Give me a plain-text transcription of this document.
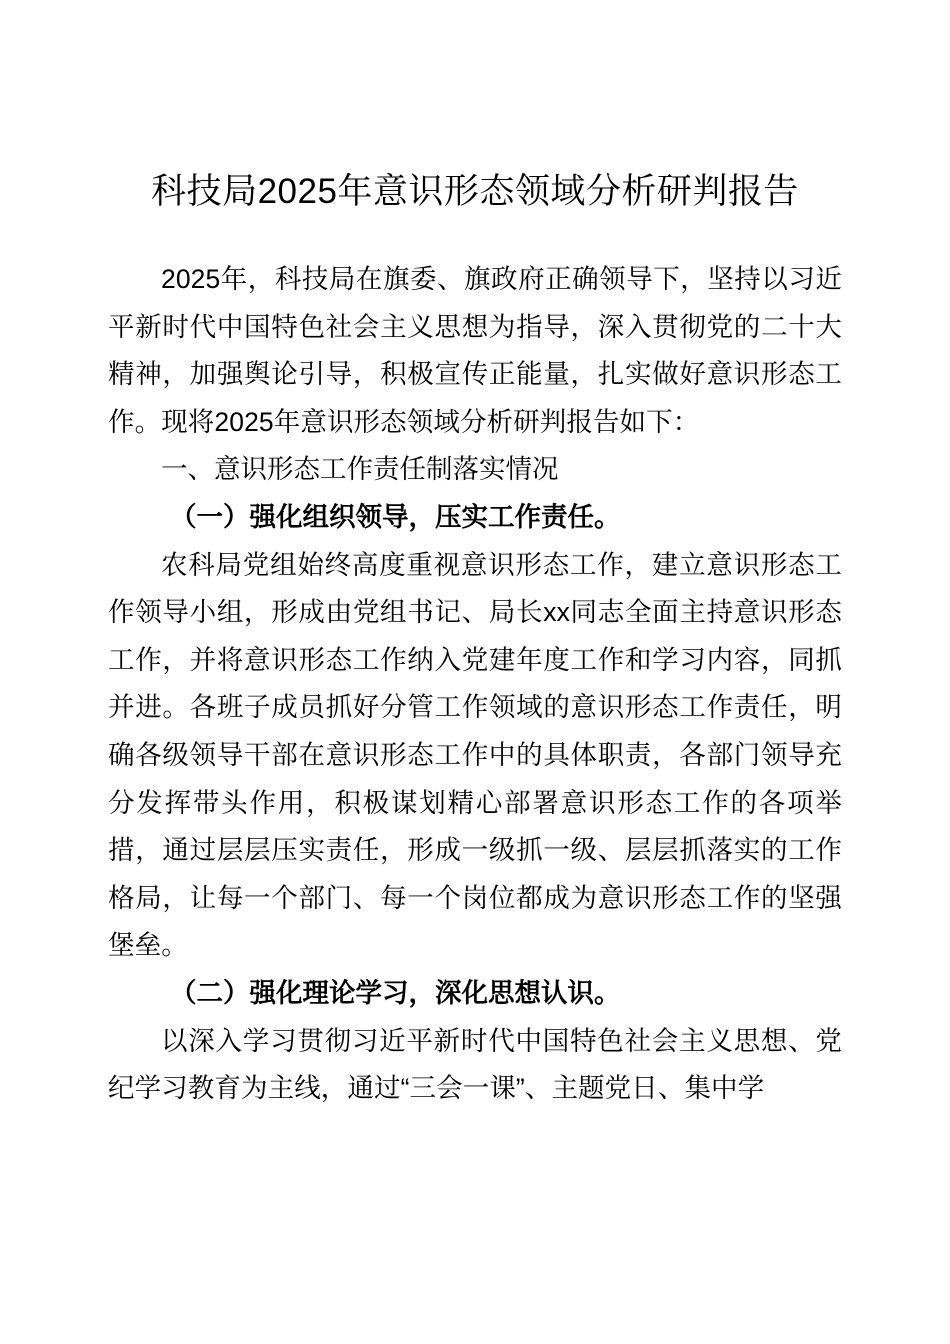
科技局2025年意识形态领域分析研判报告

2025年，科技局在旗委、旗政府正确领导下，坚持以习近平新时代中国特色社会主义思想为指导，深入贯彻党的二十大精神，加强舆论引导，积极宣传正能量，扎实做好意识形态工作。现将2025年意识形态领域分析研判报告如下：

一、意识形态工作责任制落实情况

（一）强化组织领导，压实工作责任。

农科局党组始终高度重视意识形态工作，建立意识形态工作领导小组，形成由党组书记、局长xx同志全面主持意识形态工作，并将意识形态工作纳入党建年度工作和学习内容，同抓并进。各班子成员抓好分管工作领域的意识形态工作责任，明确各级领导干部在意识形态工作中的具体职责，各部门领导充分发挥带头作用，积极谋划精心部署意识形态工作的各项举措，通过层层压实责任，形成一级抓一级、层层抓落实的工作格局，让每一个部门、每一个岗位都成为意识形态工作的坚强堡垒。

（二）强化理论学习，深化思想认识。

以深入学习贯彻习近平新时代中国特色社会主义思想、党纪学习教育为主线，通过“三会一课”、主题党日、集中学
